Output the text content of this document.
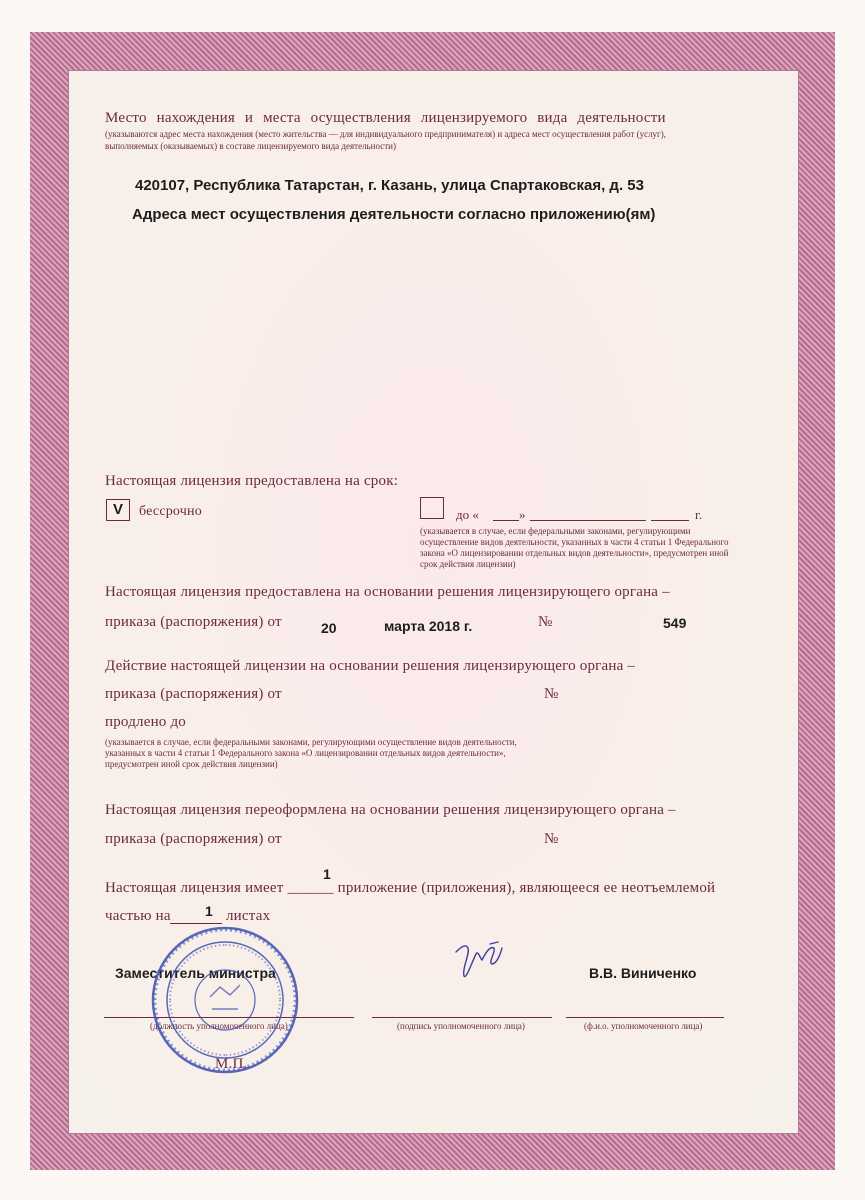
Место нахождения и места осуществления лицензируемого вида деятельности
(указываются адрес места нахождения (место жительства — для индивидуального предпринимателя) и адреса мест осуществления работ (услуг),
выполняемых (оказываемых) в составе лицензируемого вида деятельности)
420107, Республика Татарстан, г. Казань, улица Спартаковская, д. 53
Адреса мест осуществления деятельности согласно приложению(ям)
Настоящая лицензия предоставлена на срок:
V бессрочно	до «	»	г.
(указывается в случае, если федеральными законами, регулирующими осуществление видов деятельности, указанных в части 4 статьи 1 Федерального закона «О лицензировании отдельных видов деятельности», предусмотрен иной срок действия лицензии)
Настоящая лицензия предоставлена на основании решения лицензирующего органа –
приказа (распоряжения) от	20	марта 2018 г.	№	549
Действие настоящей лицензии на основании решения лицензирующего органа –
приказа (распоряжения) от	№
продлено до
(указывается в случае, если федеральными законами, регулирующими осуществление видов деятельности, указанных в части 4 статьи 1 Федерального закона «О лицензировании отдельных видов деятельности», предусмотрен иной срок действия лицензии)
Настоящая лицензия переоформлена на основании решения лицензирующего органа –
приказа (распоряжения) от	№
1
Настоящая лицензия имеет ______ приложение (приложения), являющееся ее неотъемлемой
частью на 1 листах
Заместитель министра	В.В. Виниченко
(должность уполномоченного лица)	(подпись уполномоченного лица)	(ф.и.о. уполномоченного лица)
М.П.
